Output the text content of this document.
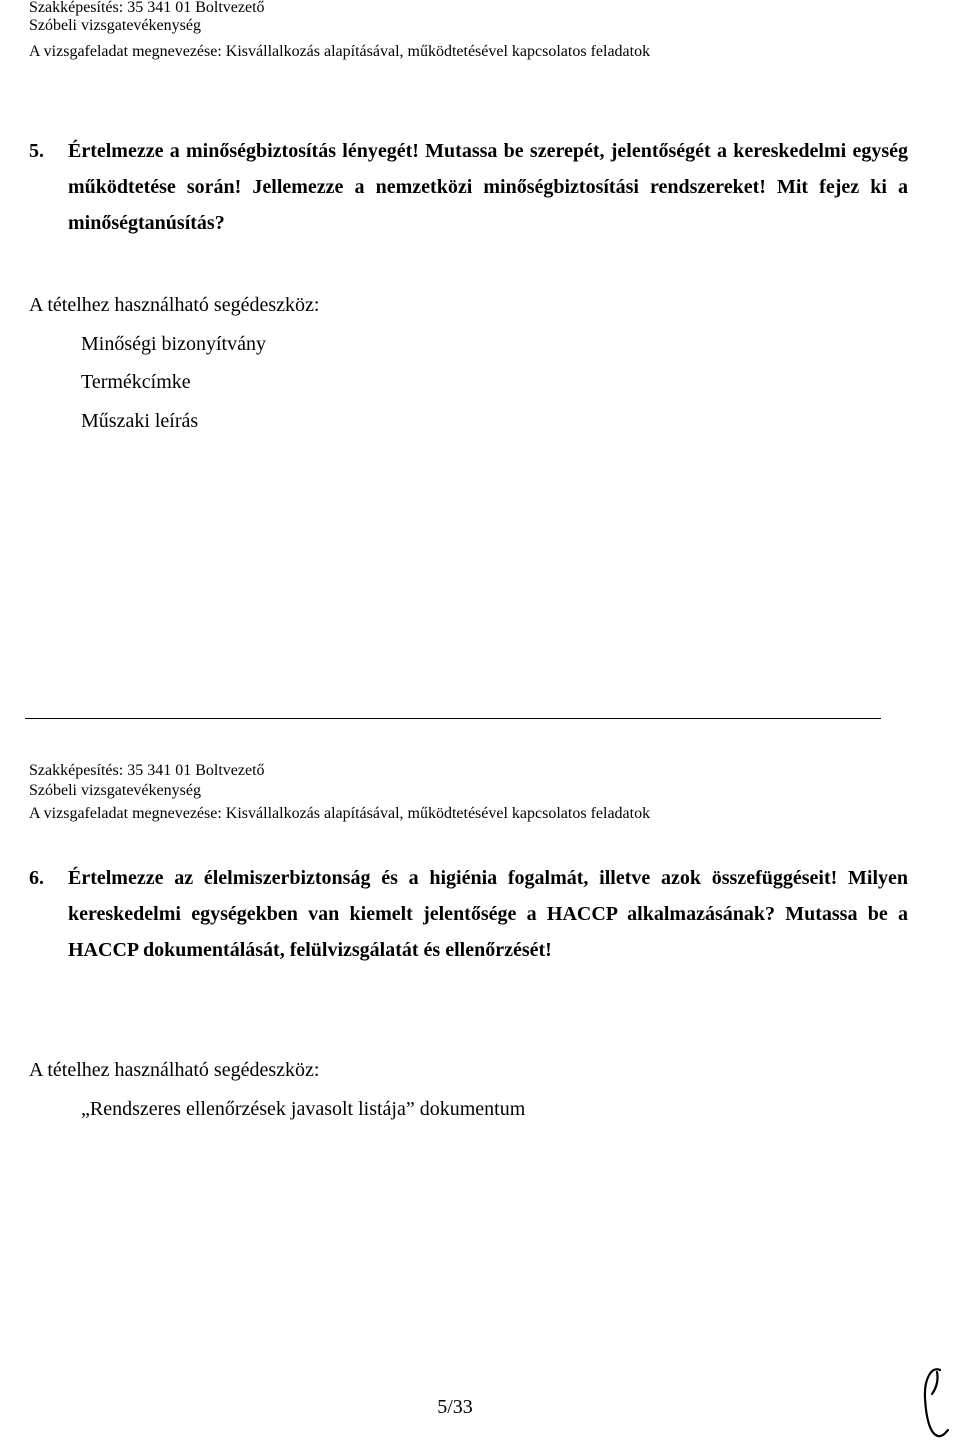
Szakképesítés: 35 341 01 Boltvezető
Szóbeli vizsgatevékenység
A vizsgafeladat megnevezése: Kisvállalkozás alapításával, működtetésével kapcsolatos feladatok
5. Értelmezze a minőségbiztosítás lényegét! Mutassa be szerepét, jelentőségét a kereskedelmi egység működtetése során! Jellemezze a nemzetközi minőségbiztosítási rendszereket! Mit fejez ki a minőségtanúsítás?
A tételhez használható segédeszköz:
Minőségi bizonyítvány
Termékcímke
Műszaki leírás
Szakképesítés: 35 341 01 Boltvezető
Szóbeli vizsgatevékenység
A vizsgafeladat megnevezése: Kisvállalkozás alapításával, működtetésével kapcsolatos feladatok
6. Értelmezze az élelmiszerbiztonság és a higiénia fogalmát, illetve azok összefüggéseit! Milyen kereskedelmi egységekben van kiemelt jelentősége a HACCP alkalmazásának? Mutassa be a HACCP dokumentálását, felülvizsgálatát és ellenőrzését!
A tételhez használható segédeszköz:
„Rendszeres ellenőrzések javasolt listája” dokumentum
5/33
